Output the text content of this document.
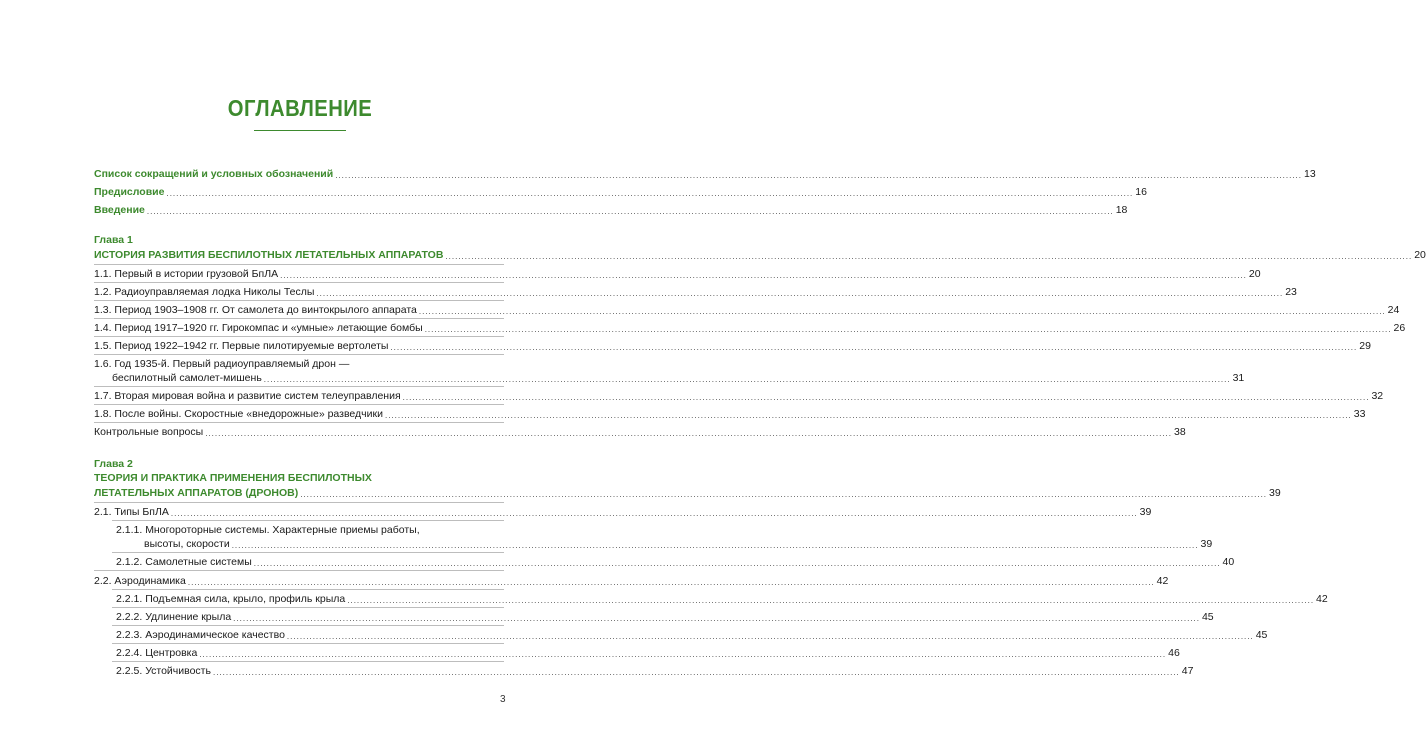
ОГЛАВЛЕНИЕ
Список сокращений и условных обозначений ............................................................................................................................................................................................................................................................................................................ 13
Предисловие ............................................................................................................................................................................................................................................................................................................ 16
Введение ............................................................................................................................................................................................................................................................................................................ 18
Глава 1
ИСТОРИЯ РАЗВИТИЯ БЕСПИЛОТНЫХ ЛЕТАТЕЛЬНЫХ АППАРАТОВ ............................................................................................................................................................................................................................................................................................................ 20
1.1. Первый в истории грузовой БпЛА ............................................................................................................................................................................................................................................................................................................ 20
1.2. Радиоуправляемая лодка Николы Теслы ............................................................................................................................................................................................................................................................................................................ 23
1.3. Период 1903–1908 гг. От самолета до винтокрылого аппарата ............................................................................................................................................................................................................................................................................................................ 24
1.4. Период 1917–1920 гг. Гирокомпас и «умные» летающие бомбы ............................................................................................................................................................................................................................................................................................................ 26
1.5. Период 1922–1942 гг. Первые пилотируемые вертолеты ............................................................................................................................................................................................................................................................................................................ 29
1.6. Год 1935-й. Первый радиоуправляемый дрон —
беспилотный самолет-мишень ............................................................................................................................................................................................................................................................................................................ 31
1.7. Вторая мировая война и развитие систем телеуправления ............................................................................................................................................................................................................................................................................................................ 32
1.8. После войны. Скоростные «внедорожные» разведчики ............................................................................................................................................................................................................................................................................................................ 33
Контрольные вопросы ............................................................................................................................................................................................................................................................................................................ 38
Глава 2
ТЕОРИЯ И ПРАКТИКА ПРИМЕНЕНИЯ БЕСПИЛОТНЫХ
ЛЕТАТЕЛЬНЫХ АППАРАТОВ (ДРОНОВ) ............................................................................................................................................................................................................................................................................................................ 39
2.1. Типы БпЛА ............................................................................................................................................................................................................................................................................................................ 39
2.1.1. Многороторные системы. Характерные приемы работы,
высоты, скорости ............................................................................................................................................................................................................................................................................................................ 39
2.1.2. Самолетные системы ............................................................................................................................................................................................................................................................................................................ 40
2.2. Аэродинамика ............................................................................................................................................................................................................................................................................................................ 42
2.2.1. Подъемная сила, крыло, профиль крыла ............................................................................................................................................................................................................................................................................................................ 42
2.2.2. Удлинение крыла ............................................................................................................................................................................................................................................................................................................ 45
2.2.3. Аэродинамическое качество ............................................................................................................................................................................................................................................................................................................ 45
2.2.4. Центровка ............................................................................................................................................................................................................................................................................................................ 46
2.2.5. Устойчивость ............................................................................................................................................................................................................................................................................................................ 47
3
